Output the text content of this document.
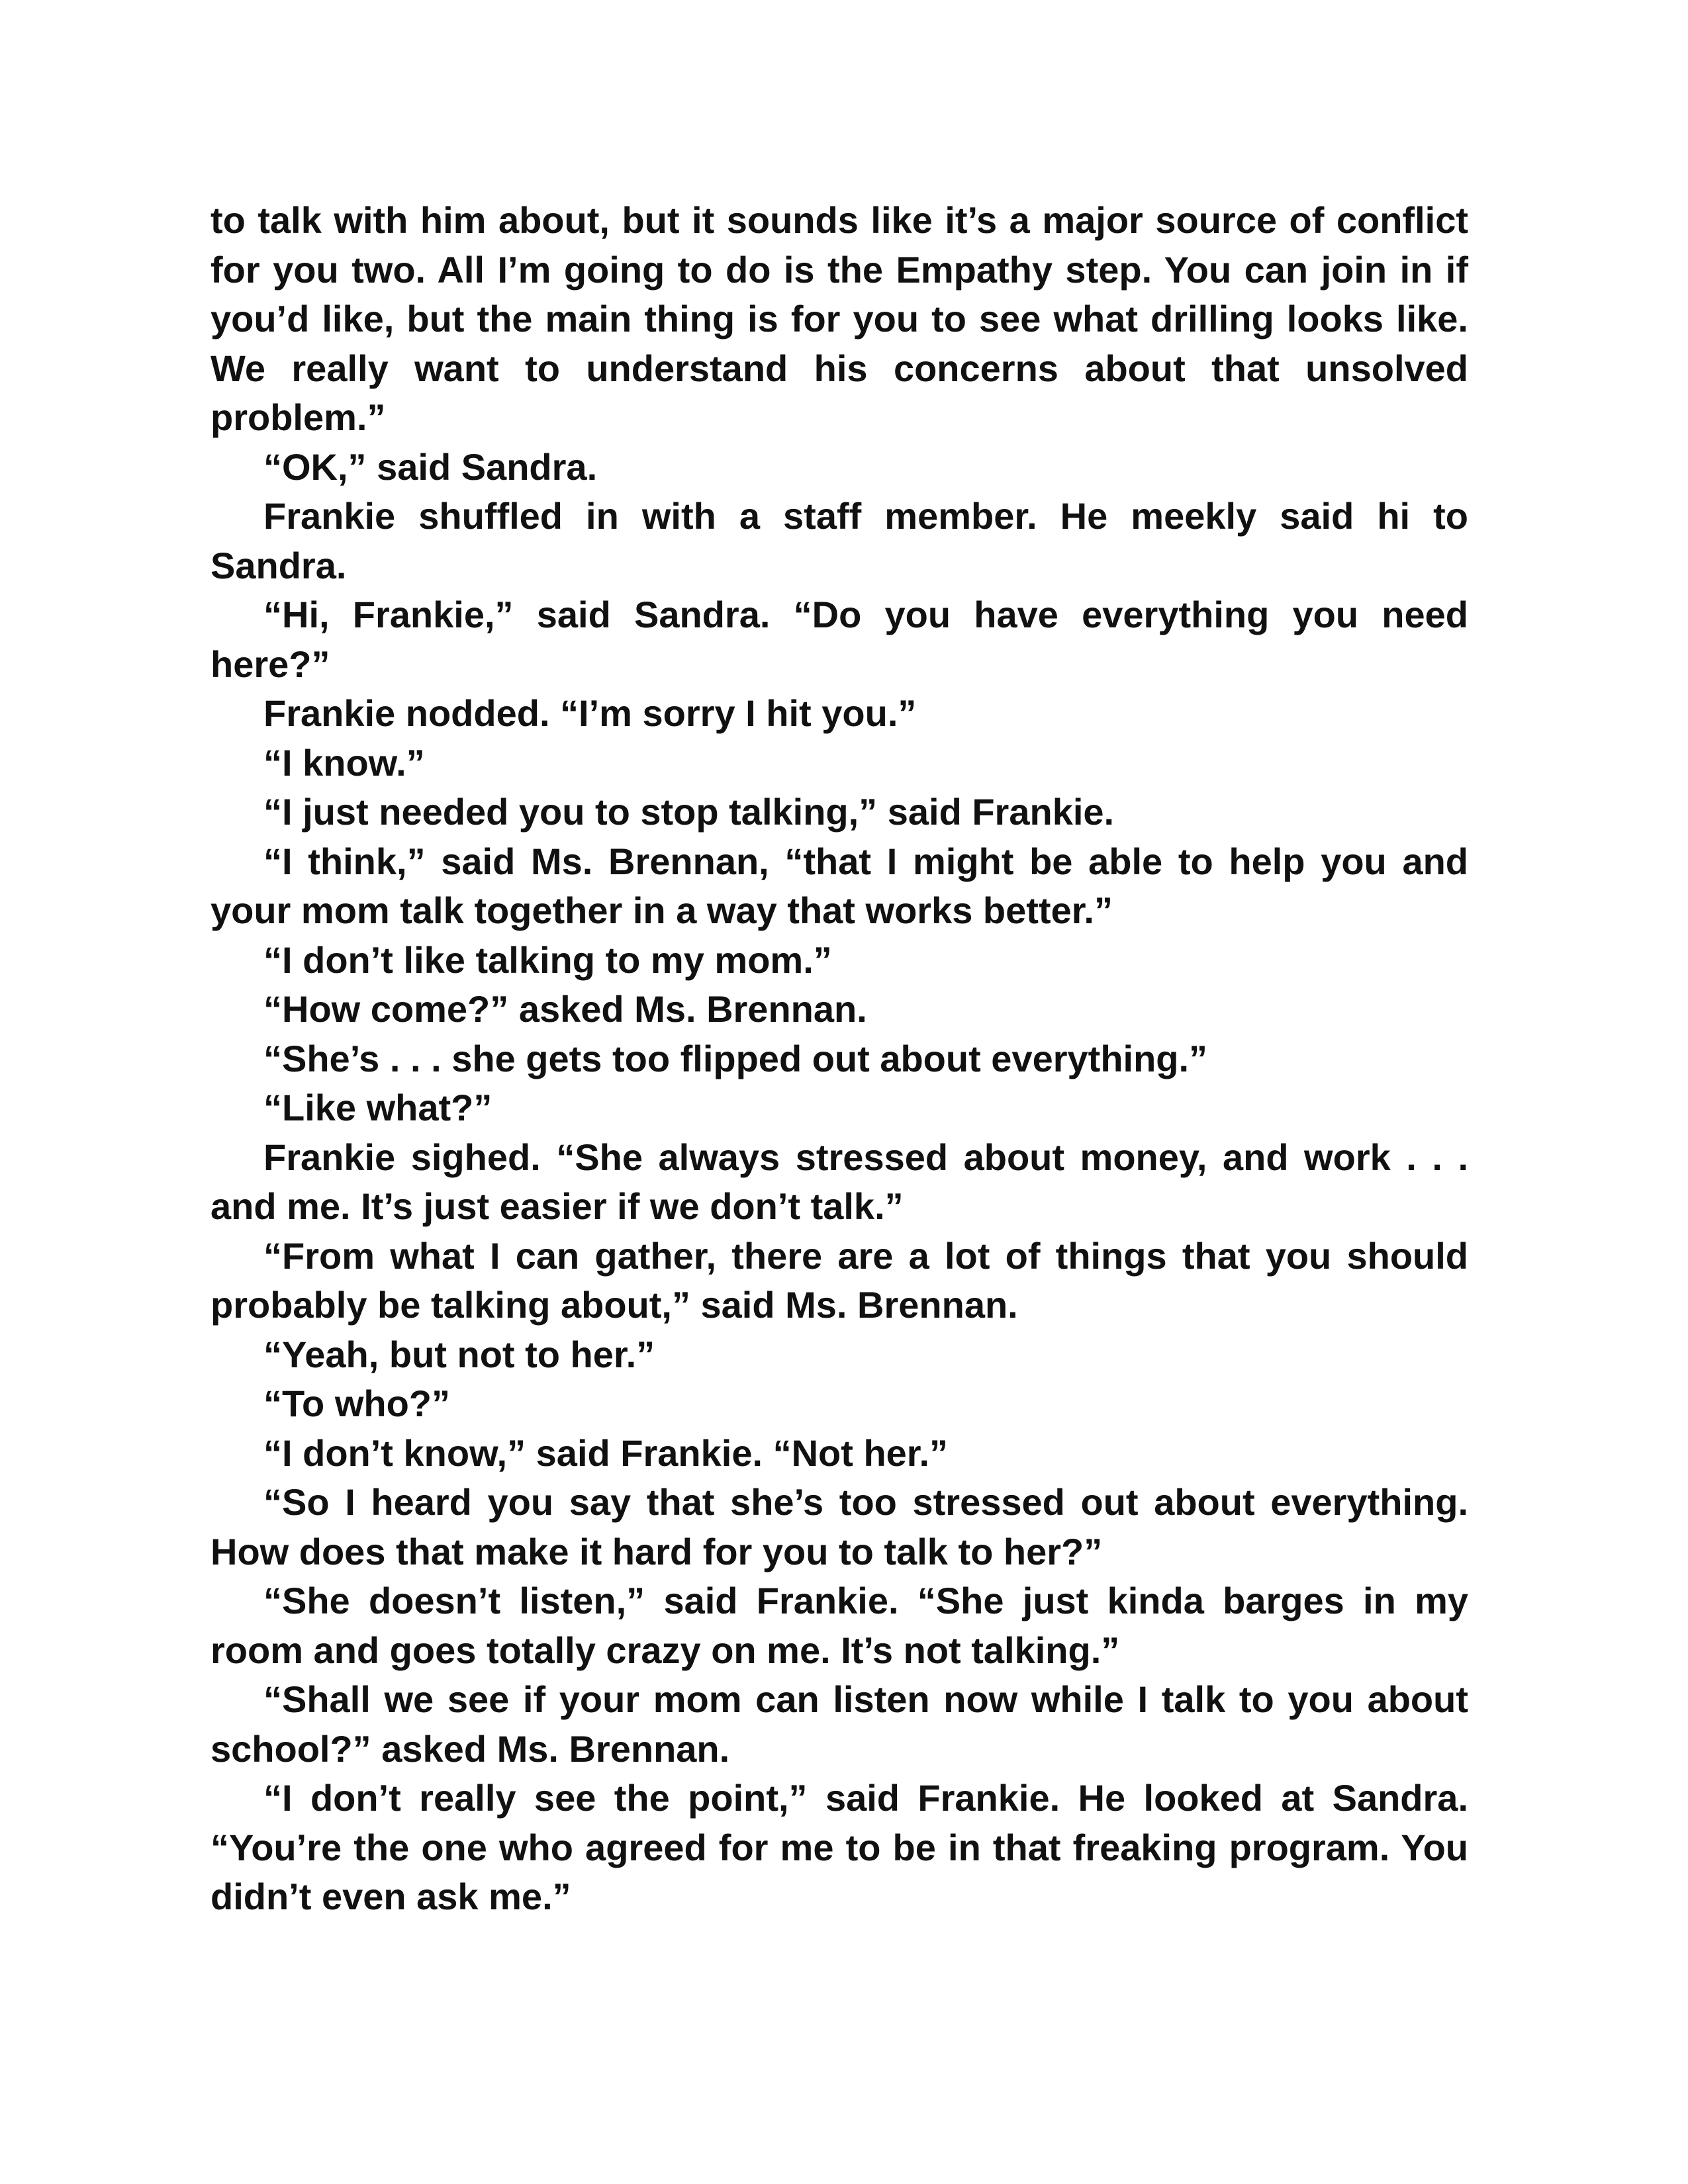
to talk with him about, but it sounds like it’s a major source of conflict for you two. All I’m going to do is the Empathy step. You can join in if you’d like, but the main thing is for you to see what drilling looks like. We really want to understand his concerns about that unsolved problem.”

“OK,” said Sandra.

Frankie shuffled in with a staff member. He meekly said hi to Sandra.

“Hi, Frankie,” said Sandra. “Do you have everything you need here?”

Frankie nodded. “I’m sorry I hit you.”

“I know.”

“I just needed you to stop talking,” said Frankie.

“I think,” said Ms. Brennan, “that I might be able to help you and your mom talk together in a way that works better.”

“I don’t like talking to my mom.”

“How come?” asked Ms. Brennan.

“She’s . . . she gets too flipped out about everything.”

“Like what?”

Frankie sighed. “She always stressed about money, and work . . . and me. It’s just easier if we don’t talk.”

“From what I can gather, there are a lot of things that you should probably be talking about,” said Ms. Brennan.

“Yeah, but not to her.”

“To who?”

“I don’t know,” said Frankie. “Not her.”

“So I heard you say that she’s too stressed out about everything. How does that make it hard for you to talk to her?”

“She doesn’t listen,” said Frankie. “She just kinda barges in my room and goes totally crazy on me. It’s not talking.”

“Shall we see if your mom can listen now while I talk to you about school?” asked Ms. Brennan.

“I don’t really see the point,” said Frankie. He looked at Sandra. “You’re the one who agreed for me to be in that freaking program. You didn’t even ask me.”
